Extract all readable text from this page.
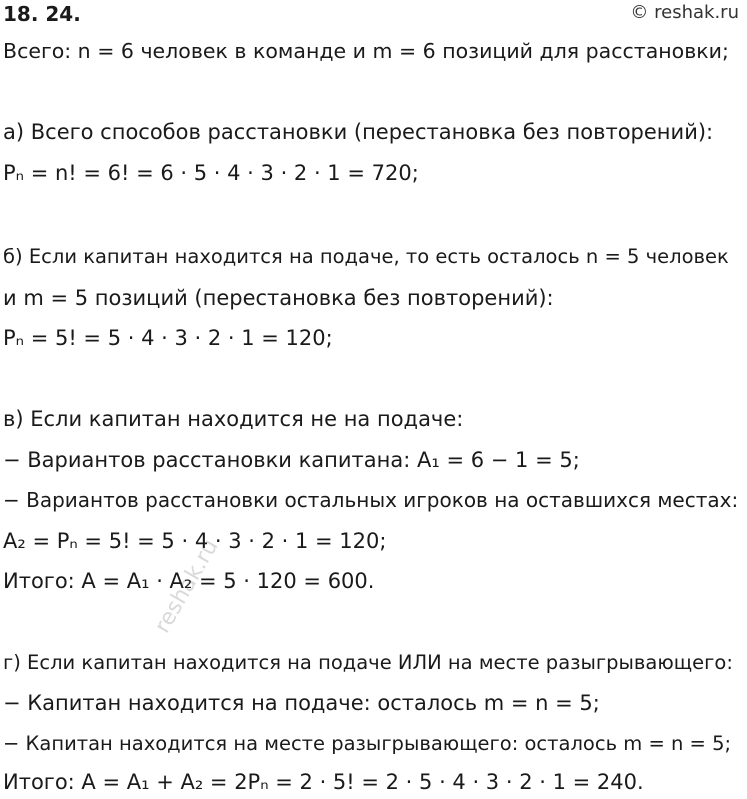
18. 24.	© reshak.ru
Всего: n = 6 человек в команде и m = 6 позиций для расстановки;
а) Всего способов расстановки (перестановка без повторений):
Pₙ = n! = 6! = 6 · 5 · 4 · 3 · 2 · 1 = 720;
б) Если капитан находится на подаче, то есть осталось n = 5 человек
и m = 5 позиций (перестановка без повторений):
Pₙ = 5! = 5 · 4 · 3 · 2 · 1 = 120;
в) Если капитан находится не на подаче:
− Вариантов расстановки капитана: A₁ = 6 − 1 = 5;
− Вариантов расстановки остальных игроков на оставшихся местах:
A₂ = Pₙ = 5! = 5 · 4 · 3 · 2 · 1 = 120;
Итого: A = A₁ · A₂ = 5 · 120 = 600.
г) Если капитан находится на подаче ИЛИ на месте разыгрывающего:
− Капитан находится на подаче: осталось m = n = 5;
− Капитан находится на месте разыгрывающего: осталось m = n = 5;
Итого: A = A₁ + A₂ = 2Pₙ = 2 · 5! = 2 · 5 · 4 · 3 · 2 · 1 = 240.
reshak.ru
